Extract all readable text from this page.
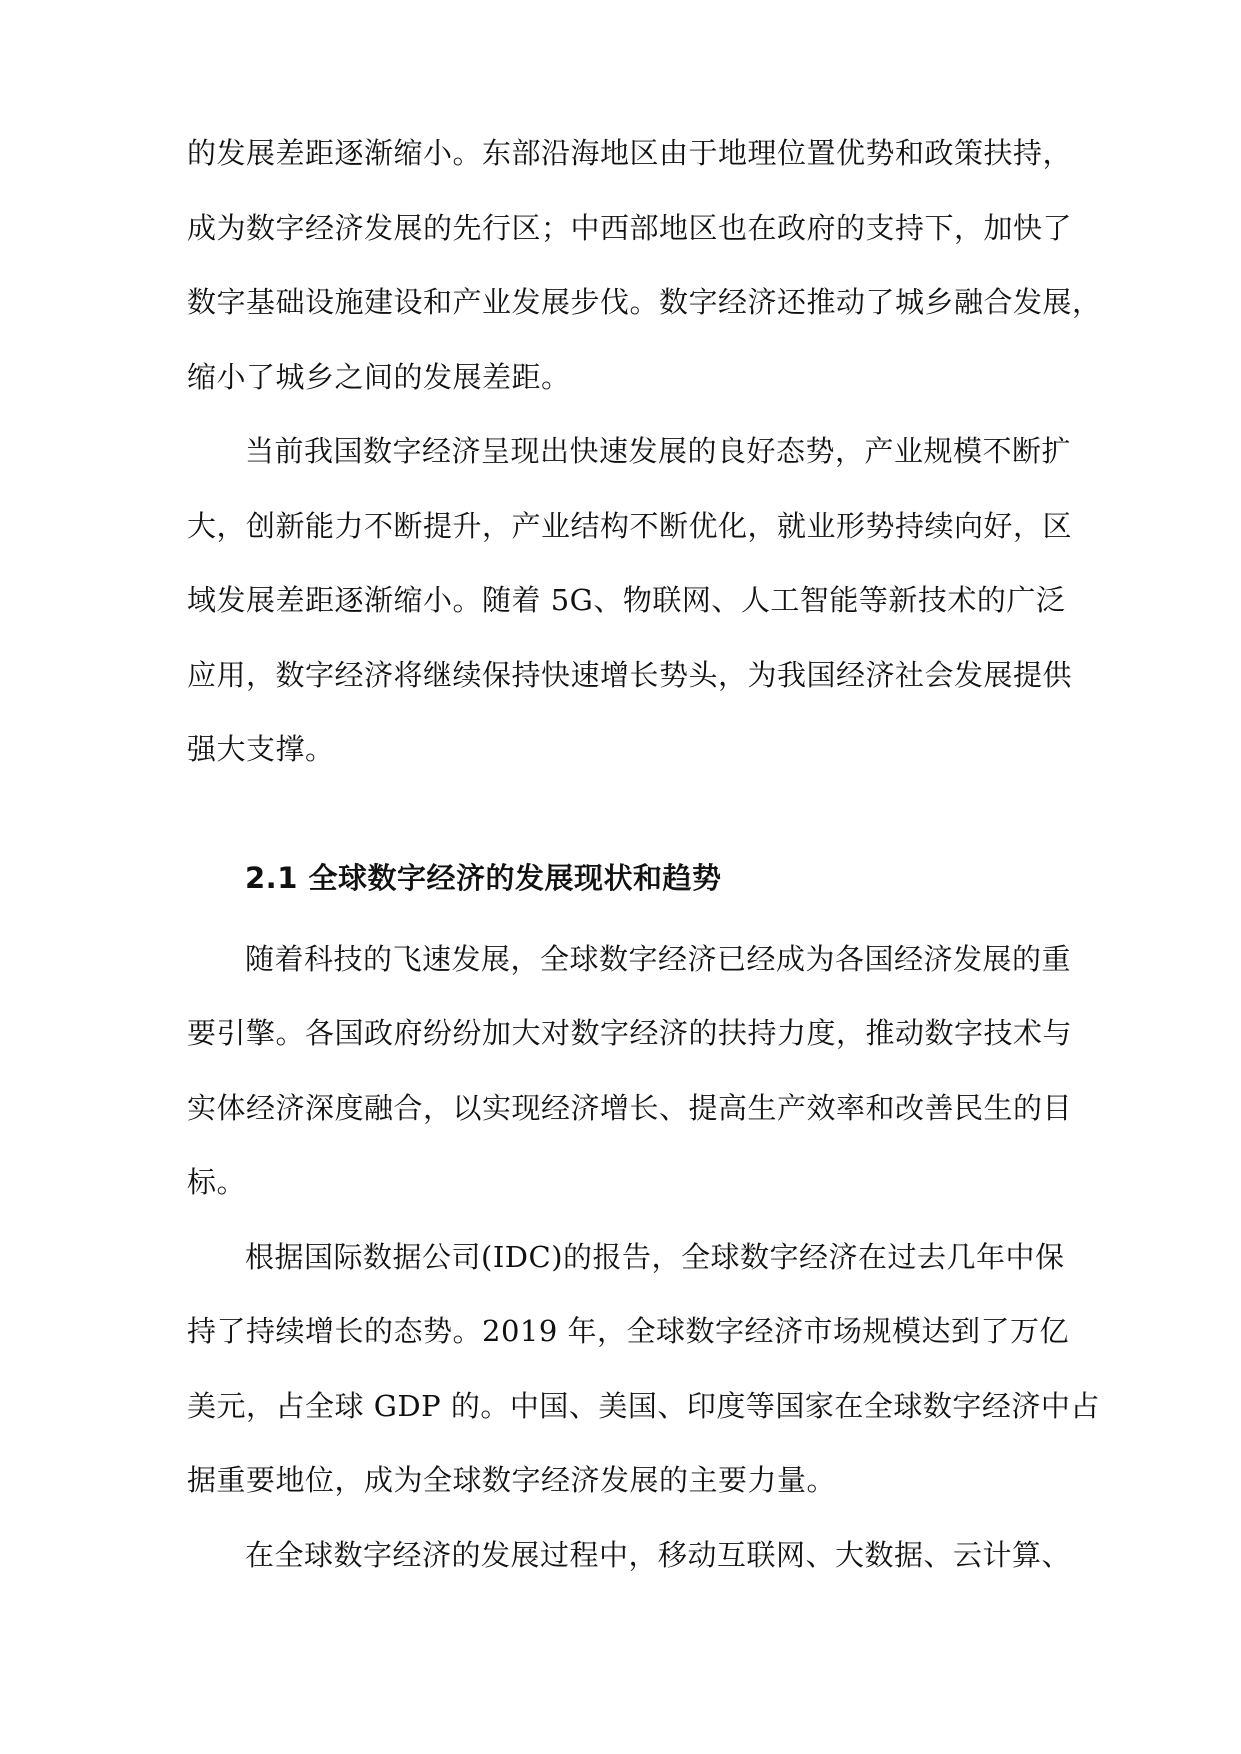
的发展差距逐渐缩小。东部沿海地区由于地理位置优势和政策扶持，
成为数字经济发展的先行区；中西部地区也在政府的支持下，加快了
数字基础设施建设和产业发展步伐。数字经济还推动了城乡融合发展，
缩小了城乡之间的发展差距。
当前我国数字经济呈现出快速发展的良好态势，产业规模不断扩
大，创新能力不断提升，产业结构不断优化，就业形势持续向好，区
域发展差距逐渐缩小。随着 5G、物联网、人工智能等新技术的广泛
应用，数字经济将继续保持快速增长势头，为我国经济社会发展提供
强大支撑。
2.1 全球数字经济的发展现状和趋势
随着科技的飞速发展，全球数字经济已经成为各国经济发展的重
要引擎。各国政府纷纷加大对数字经济的扶持力度，推动数字技术与
实体经济深度融合，以实现经济增长、提高生产效率和改善民生的目
标。
根据国际数据公司(IDC)的报告，全球数字经济在过去几年中保
持了持续增长的态势。2019 年，全球数字经济市场规模达到了万亿
美元，占全球 GDP 的。中国、美国、印度等国家在全球数字经济中占
据重要地位，成为全球数字经济发展的主要力量。
在全球数字经济的发展过程中，移动互联网、大数据、云计算、
